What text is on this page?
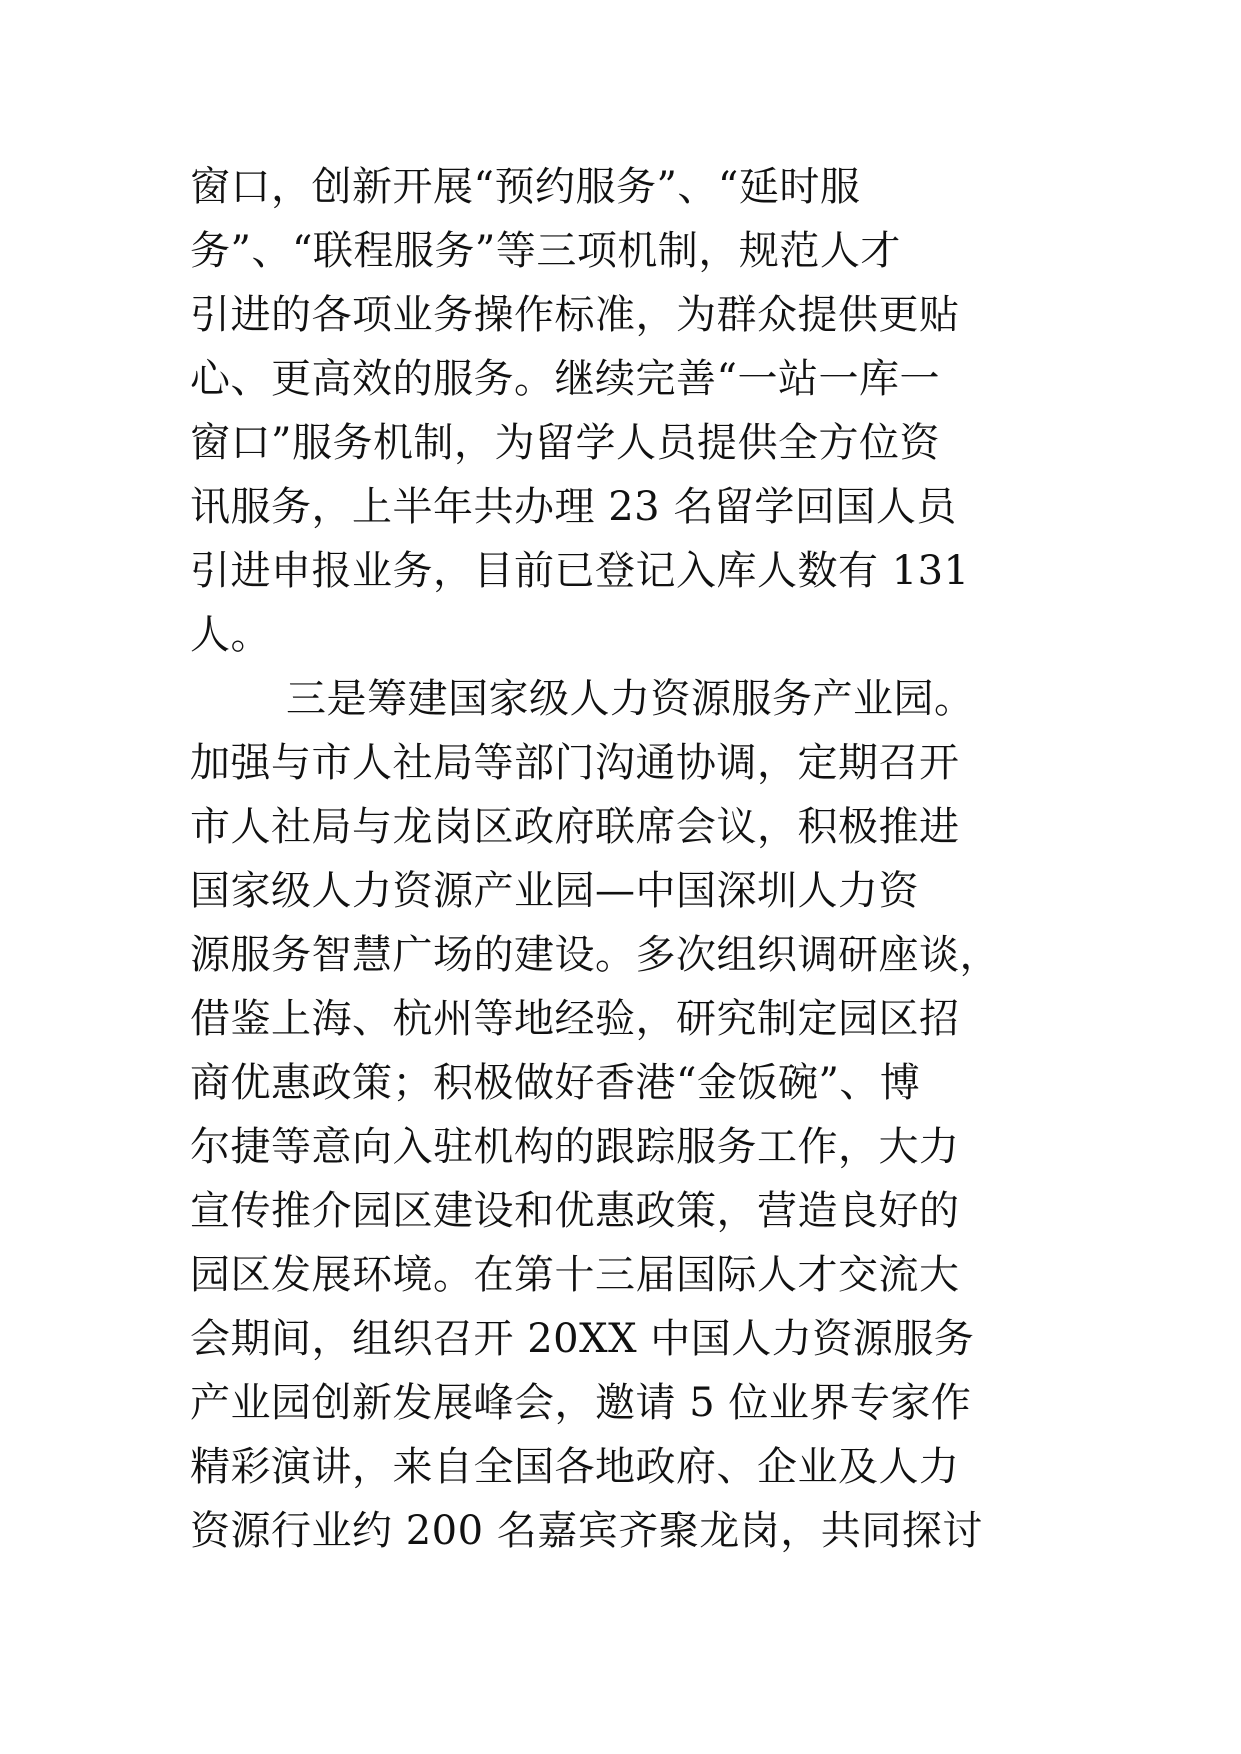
窗口，创新开展“预约服务”、“延时服
务”、“联程服务”等三项机制，规范人才
引进的各项业务操作标准，为群众提供更贴
心、更高效的服务。继续完善“一站一库一
窗口”服务机制，为留学人员提供全方位资
讯服务，上半年共办理 23 名留学回国人员
引进申报业务，目前已登记入库人数有 131
人。
三是筹建国家级人力资源服务产业园。
加强与市人社局等部门沟通协调，定期召开
市人社局与龙岗区政府联席会议，积极推进
国家级人力资源产业园—中国深圳人力资
源服务智慧广场的建设。多次组织调研座谈，
借鉴上海、杭州等地经验，研究制定园区招
商优惠政策；积极做好香港“金饭碗”、博
尔捷等意向入驻机构的跟踪服务工作，大力
宣传推介园区建设和优惠政策，营造良好的
园区发展环境。在第十三届国际人才交流大
会期间，组织召开 20XX 中国人力资源服务
产业园创新发展峰会，邀请 5 位业界专家作
精彩演讲，来自全国各地政府、企业及人力
资源行业约 200 名嘉宾齐聚龙岗，共同探讨
